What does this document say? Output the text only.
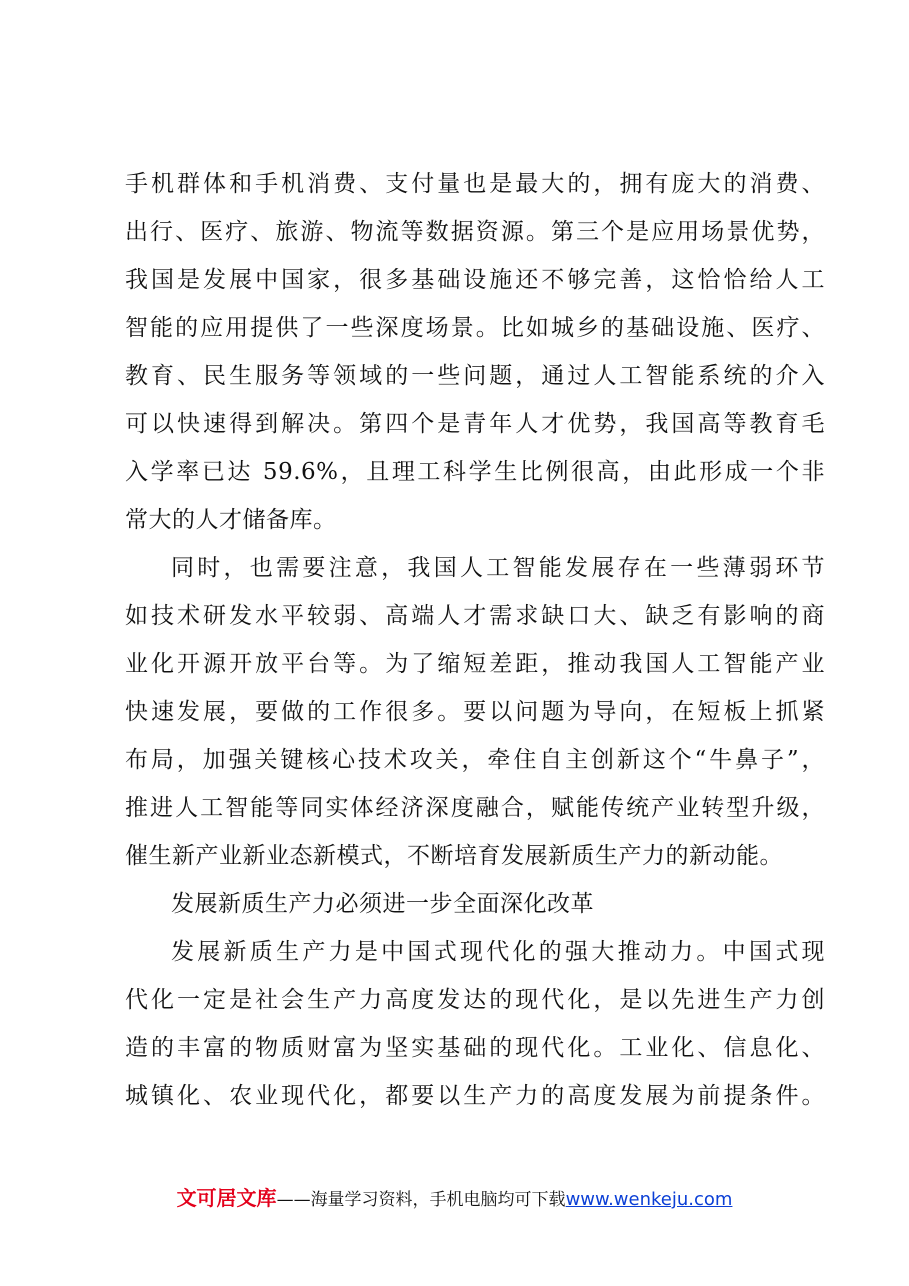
手机群体和手机消费、支付量也是最大的，拥有庞大的消费、
出行、医疗、旅游、物流等数据资源。第三个是应用场景优势，
我国是发展中国家，很多基础设施还不够完善，这恰恰给人工
智能的应用提供了一些深度场景。比如城乡的基础设施、医疗、
教育、民生服务等领域的一些问题，通过人工智能系统的介入
可以快速得到解决。第四个是青年人才优势，我国高等教育毛
入学率已达 59.6%，且理工科学生比例很高，由此形成一个非
常大的人才储备库。
同时，也需要注意，我国人工智能发展存在一些薄弱环节
如技术研发水平较弱、高端人才需求缺口大、缺乏有影响的商
业化开源开放平台等。为了缩短差距，推动我国人工智能产业
快速发展，要做的工作很多。要以问题为导向，在短板上抓紧
布局，加强关键核心技术攻关，牵住自主创新这个“牛鼻子”，
推进人工智能等同实体经济深度融合，赋能传统产业转型升级，
催生新产业新业态新模式，不断培育发展新质生产力的新动能。
发展新质生产力必须进一步全面深化改革
发展新质生产力是中国式现代化的强大推动力。中国式现
代化一定是社会生产力高度发达的现代化，是以先进生产力创
造的丰富的物质财富为坚实基础的现代化。工业化、信息化、
城镇化、农业现代化，都要以生产力的高度发展为前提条件。
文可居文库——海量学习资料，手机电脑均可下载www.wenkeju.com
